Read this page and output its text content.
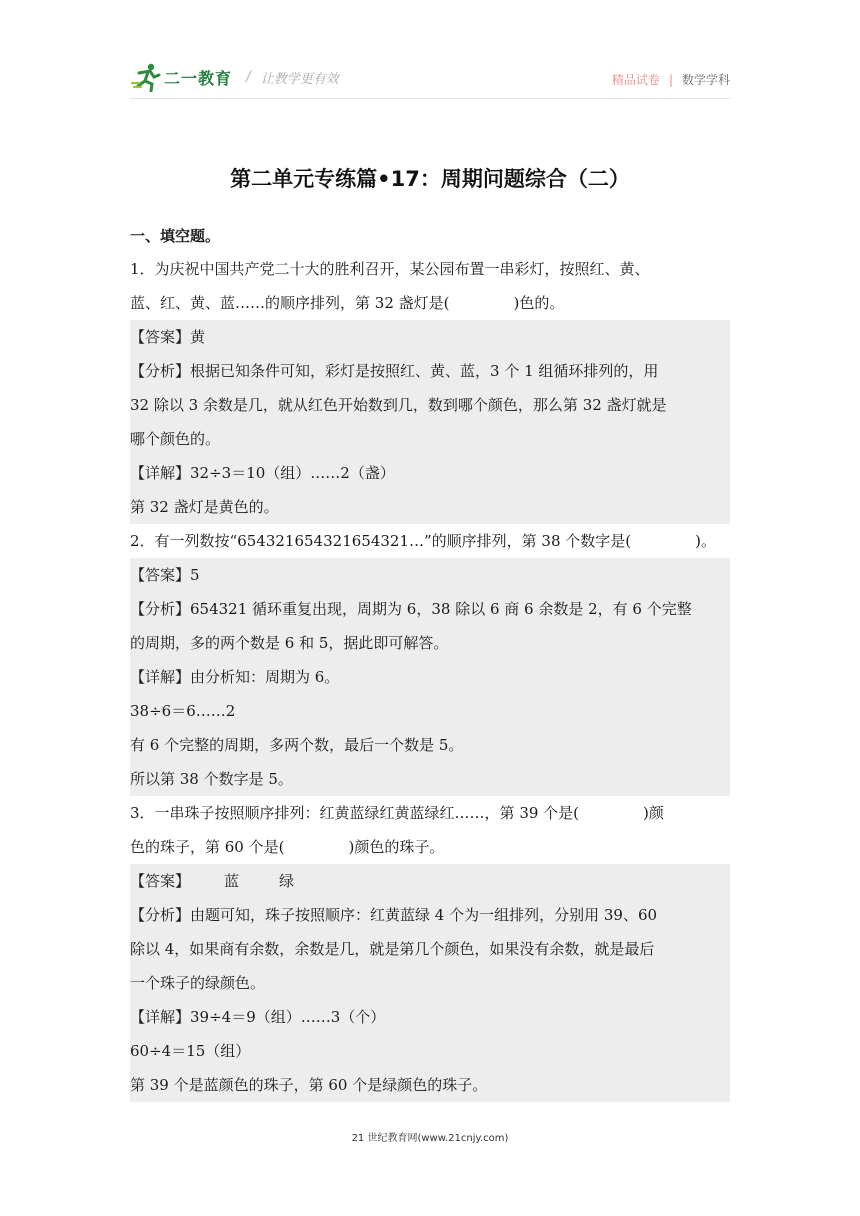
二一教育 / 让教学更有效	精品试卷 | 数学学科
第二单元专练篇•17：周期问题综合（二）
一、填空题。
1．为庆祝中国共产党二十大的胜利召开，某公园布置一串彩灯，按照红、黄、
蓝、红、黄、蓝……的顺序排列，第 32 盏灯是(	)色的。
【答案】黄
【分析】根据已知条件可知，彩灯是按照红、黄、蓝，3 个 1 组循环排列的，用
32 除以 3 余数是几，就从红色开始数到几，数到哪个颜色，那么第 32 盏灯就是
哪个颜色的。
【详解】32÷3＝10（组）……2（盏）
第 32 盏灯是黄色的。
2．有一列数按“654321654321654321…”的顺序排列，第 38 个数字是(	)。
【答案】5
【分析】654321 循环重复出现，周期为 6，38 除以 6 商 6 余数是 2，有 6 个完整
的周期，多的两个数是 6 和 5，据此即可解答。
【详解】由分析知：周期为 6。
38÷6＝6……2
有 6 个完整的周期，多两个数，最后一个数是 5。
所以第 38 个数字是 5。
3．一串珠子按照顺序排列：红黄蓝绿红黄蓝绿红……，第 39 个是(	)颜
色的珠子，第 60 个是(	)颜色的珠子。
【答案】 蓝	绿
【分析】由题可知，珠子按照顺序：红黄蓝绿 4 个为一组排列，分别用 39、60
除以 4，如果商有余数，余数是几，就是第几个颜色，如果没有余数，就是最后
一个珠子的绿颜色。
【详解】39÷4＝9（组）……3（个）
60÷4＝15（组）
第 39 个是蓝颜色的珠子，第 60 个是绿颜色的珠子。
21 世纪教育网(www.21cnjy.com)
